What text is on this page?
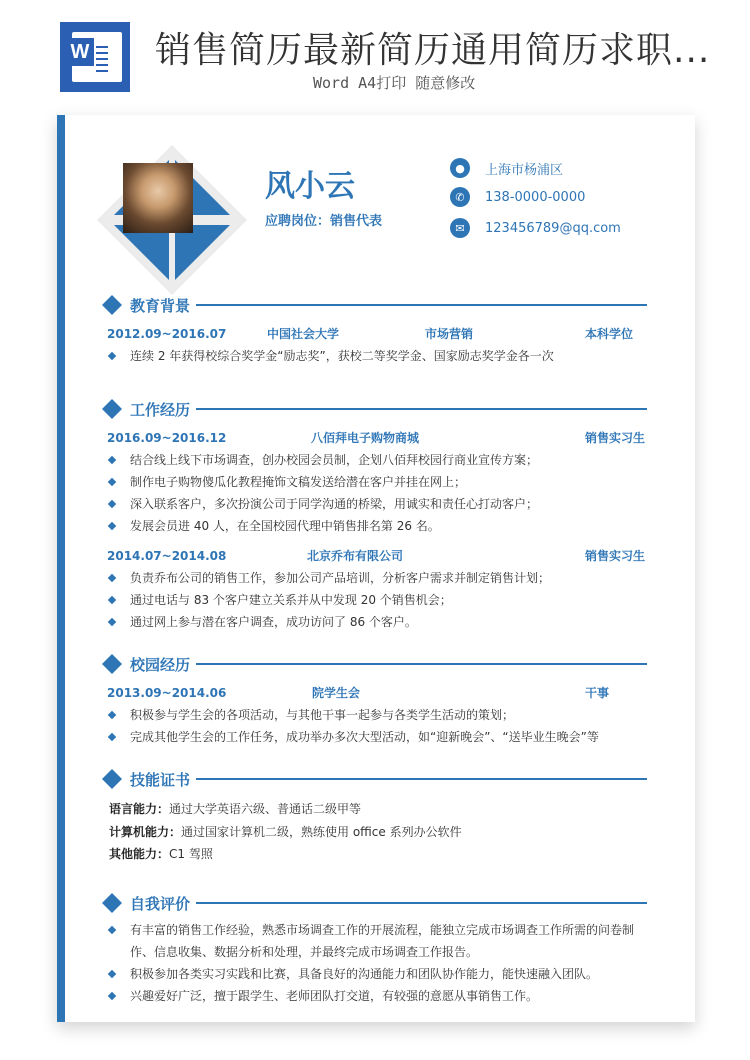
W 销售简历最新简历通用简历求职...
Word A4打印 随意修改
风小云
应聘岗位：销售代表
●	上海市杨浦区
✆	138-0000-0000
✉	123456789@qq.com
教育背景
2012.09~2016.07	中国社会大学	市场营销	本科学位
连续 2 年获得校综合奖学金“励志奖”，获校二等奖学金、国家励志奖学金各一次
工作经历
2016.09~2016.12	八佰拜电子购物商城	销售实习生
结合线上线下市场调查，创办校园会员制，企划八佰拜校园行商业宣传方案；
制作电子购物傻瓜化教程掩饰文稿发送给潜在客户并挂在网上；
深入联系客户，多次扮演公司于同学沟通的桥梁，用诚实和责任心打动客户；
发展会员进 40 人，在全国校园代理中销售排名第 26 名。
2014.07~2014.08	北京乔布有限公司	销售实习生
负责乔布公司的销售工作，参加公司产品培训，分析客户需求并制定销售计划；
通过电话与 83 个客户建立关系并从中发现 20 个销售机会；
通过网上参与潜在客户调查，成功访问了 86 个客户。
校园经历
2013.09~2014.06	院学生会	干事
积极参与学生会的各项活动，与其他干事一起参与各类学生活动的策划；
完成其他学生会的工作任务，成功举办多次大型活动，如“迎新晚会”、“送毕业生晚会”等
技能证书
语言能力：通过大学英语六级、普通话二级甲等
计算机能力：通过国家计算机二级，熟练使用 office 系列办公软件
其他能力：C1 驾照
自我评价
有丰富的销售工作经验，熟悉市场调查工作的开展流程，能独立完成市场调查工作所需的问卷制作、信息收集、数据分析和处理，并最终完成市场调查工作报告。
积极参加各类实习实践和比赛，具备良好的沟通能力和团队协作能力，能快速融入团队。
兴趣爱好广泛，擅于跟学生、老师团队打交道，有较强的意愿从事销售工作。
